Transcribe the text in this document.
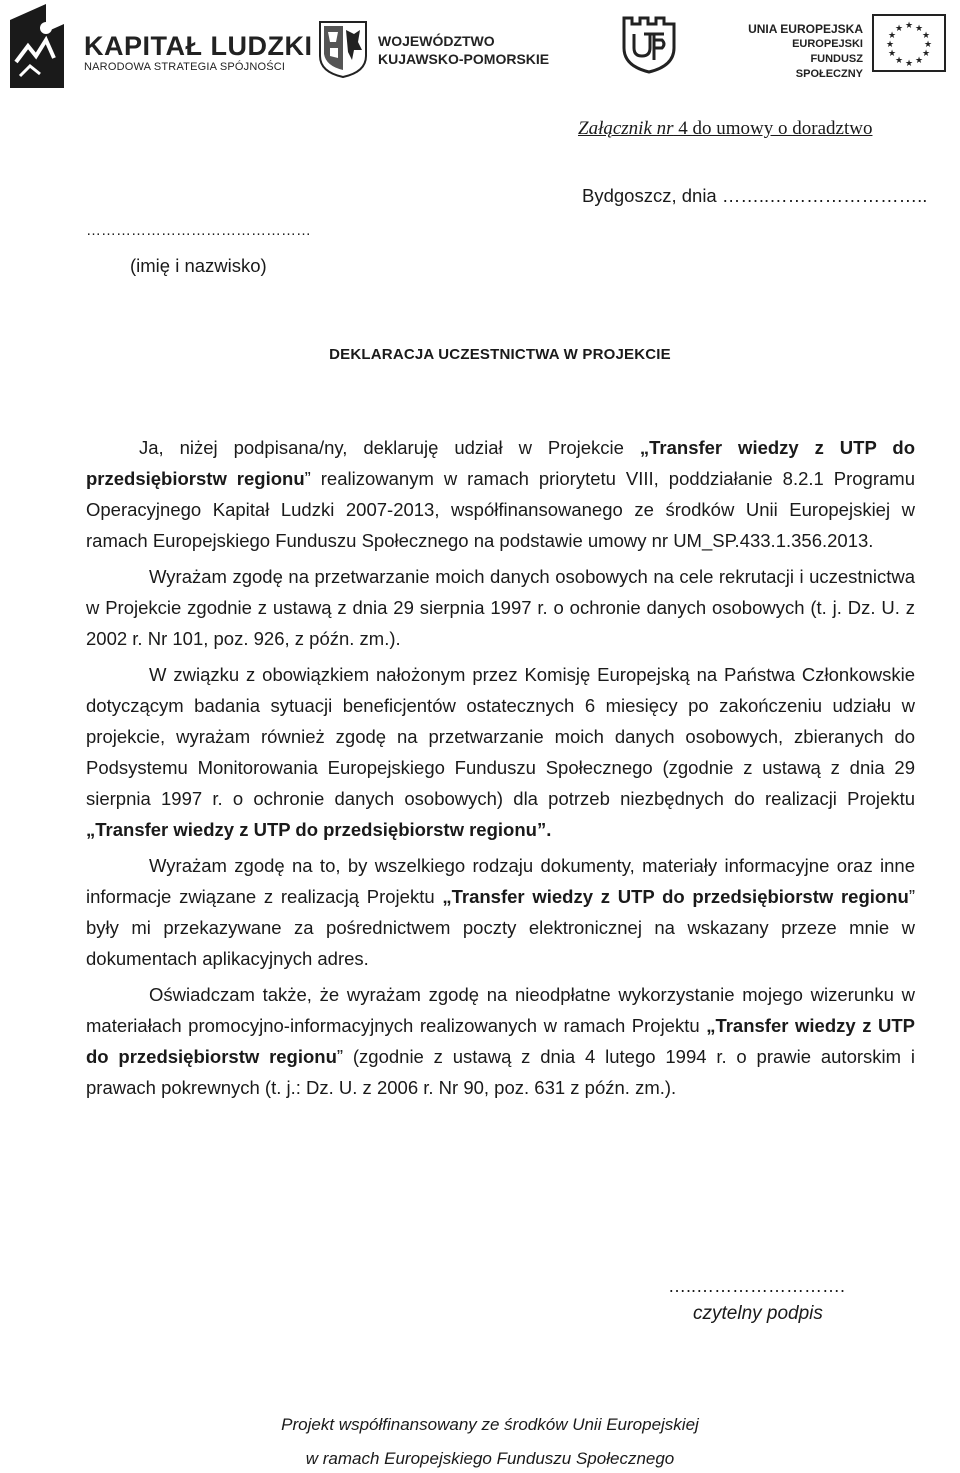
KAPITAŁ LUDZKI
NARODOWA STRATEGIA SPÓJNOŚCI
WOJEWÓDZTWO
KUJAWSKO-POMORSKIE
UNIA EUROPEJSKA
EUROPEJSKI
FUNDUSZ SPOŁECZNY
★ ★
★
★
★
★
★
★
★
★
★
★
Załącznik nr 4 do umowy o doradztwo
Bydgoszcz, dnia ……..……………………..
………………………………………
(imię i nazwisko)
DEKLARACJA UCZESTNICTWA W PROJEKCIE

Ja, niżej podpisana/ny, deklaruję udział w Projekcie „Transfer wiedzy z UTP do przedsiębiorstw regionu” realizowanym w ramach priorytetu VIII, poddziałanie 8.2.1 Programu Operacyjnego Kapitał Ludzki 2007-2013, współfinansowanego ze środków Unii Europejskiej w ramach Europejskiego Funduszu Społecznego na podstawie umowy nr UM_SP.433.1.356.2013.

Wyrażam zgodę na przetwarzanie moich danych osobowych na cele rekrutacji i uczestnictwa w Projekcie zgodnie z ustawą z dnia 29 sierpnia 1997 r. o ochronie danych osobowych (t. j. Dz. U. z 2002 r. Nr 101, poz. 926, z późn. zm.).

W związku z obowiązkiem nałożonym przez Komisję Europejską na Państwa Członkowskie dotyczącym badania sytuacji beneficjentów ostatecznych 6 miesięcy po zakończeniu udziału w projekcie, wyrażam również zgodę na przetwarzanie moich danych osobowych, zbieranych do Podsystemu Monitorowania Europejskiego Funduszu Społecznego (zgodnie z ustawą z dnia 29 sierpnia 1997 r. o ochronie danych osobowych) dla potrzeb niezbędnych do realizacji Projektu „Transfer wiedzy z UTP do przedsiębiorstw regionu”.

Wyrażam zgodę na to, by wszelkiego rodzaju dokumenty, materiały informacyjne oraz inne informacje związane z realizacją Projektu „Transfer wiedzy z UTP do przedsiębiorstw regionu” były mi przekazywane za pośrednictwem poczty elektronicznej na wskazany przeze mnie w dokumentach aplikacyjnych adres.

Oświadczam także, że wyrażam zgodę na nieodpłatne wykorzystanie mojego wizerunku w materiałach promocyjno-informacyjnych realizowanych w ramach Projektu „Transfer wiedzy z UTP do przedsiębiorstw regionu” (zgodnie z ustawą z dnia 4 lutego 1994 r. o prawie autorskim i prawach pokrewnych (t. j.: Dz. U. z 2006 r. Nr 90, poz. 631 z późn. zm.).

…..…………………….
czytelny podpis
Projekt współfinansowany ze środków Unii Europejskiej
w ramach Europejskiego Funduszu Społecznego
